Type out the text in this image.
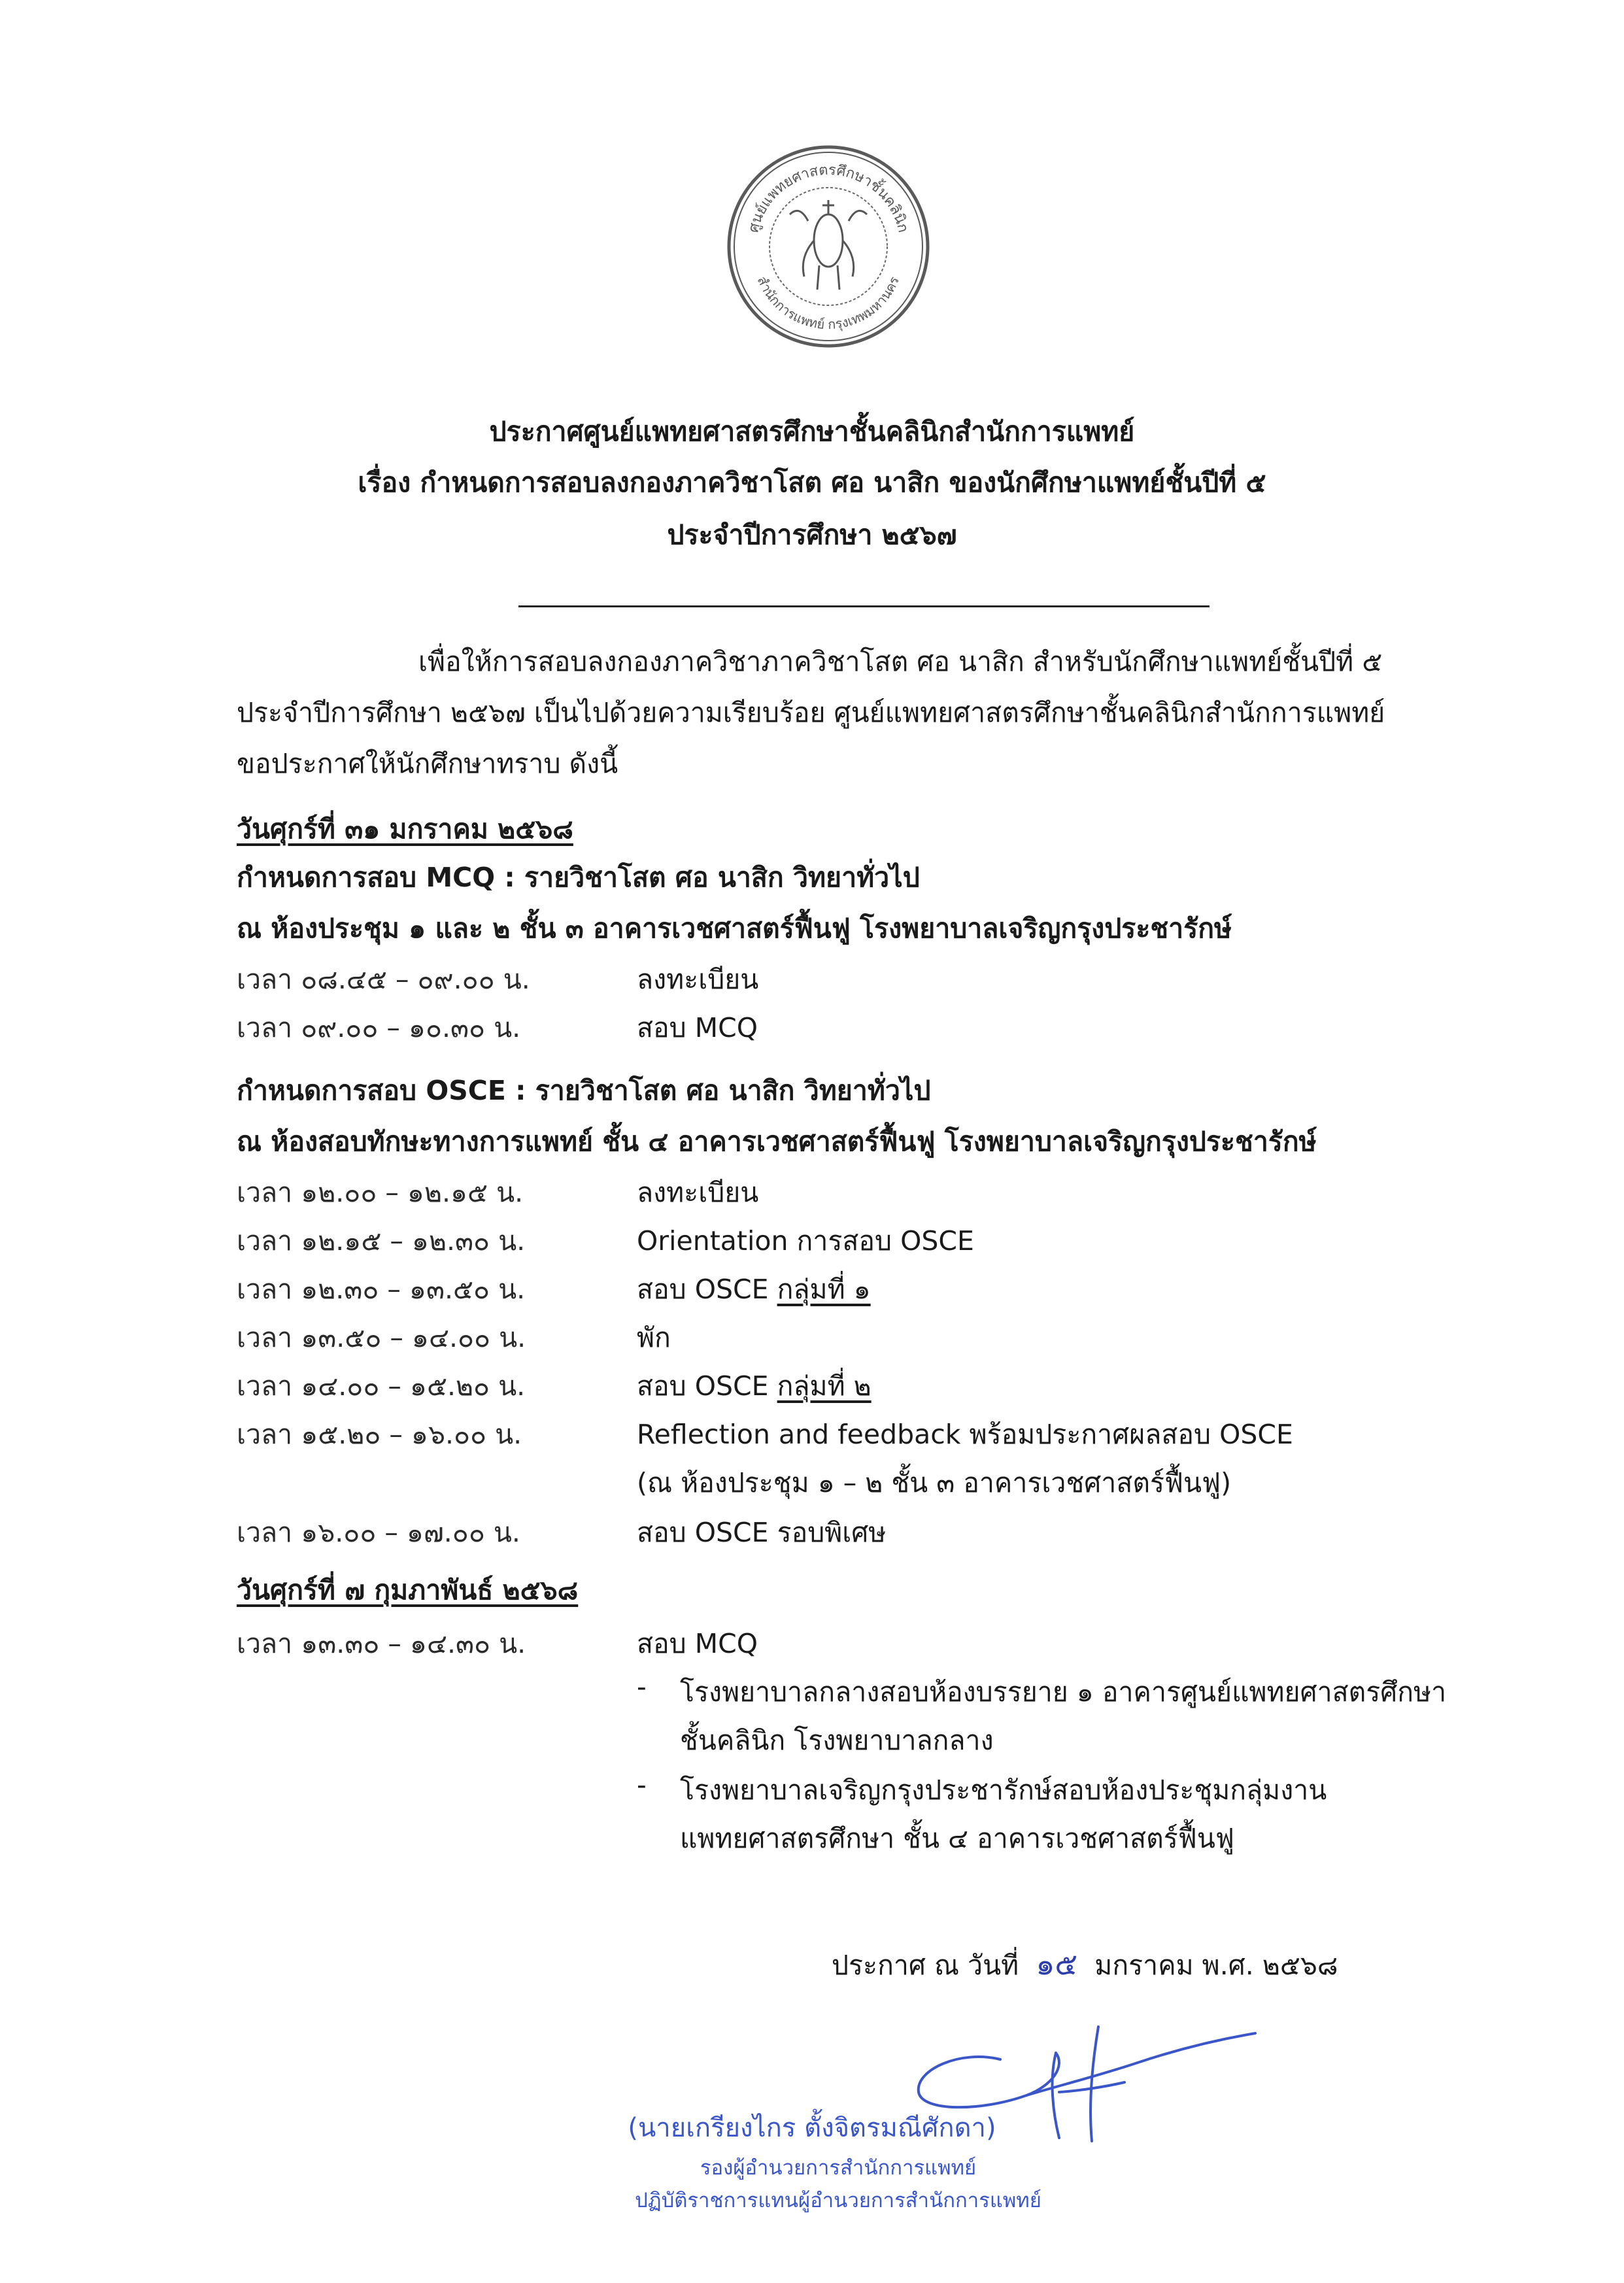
ศูนย์แพทยศาสตรศึกษาชั้นคลินิก
สำนักการแพทย์ กรุงเทพมหานคร
ประกาศศูนย์แพทยศาสตรศึกษาชั้นคลินิกสำนักการแพทย์
เรื่อง กำหนดการสอบลงกองภาควิชาโสต ศอ นาสิก ของนักศึกษาแพทย์ชั้นปีที่ ๕
ประจำปีการศึกษา ๒๕๖๗
เพื่อให้การสอบลงกองภาควิชาภาควิชาโสต ศอ นาสิก สำหรับนักศึกษาแพทย์ชั้นปีที่ ๕
ประจำปีการศึกษา ๒๕๖๗ เป็นไปด้วยความเรียบร้อย ศูนย์แพทยศาสตรศึกษาชั้นคลินิกสำนักการแพทย์
ขอประกาศให้นักศึกษาทราบ ดังนี้
วันศุกร์ที่ ๓๑ มกราคม ๒๕๖๘
กำหนดการสอบ MCQ : รายวิชาโสต ศอ นาสิก วิทยาทั่วไป
ณ ห้องประชุม ๑ และ ๒ ชั้น ๓ อาคารเวชศาสตร์ฟื้นฟู โรงพยาบาลเจริญกรุงประชารักษ์
เวลา ๐๘.๔๕ – ๐๙.๐๐ น.	ลงทะเบียน
เวลา ๐๙.๐๐ – ๑๐.๓๐ น.	สอบ MCQ
กำหนดการสอบ OSCE : รายวิชาโสต ศอ นาสิก วิทยาทั่วไป
ณ ห้องสอบทักษะทางการแพทย์ ชั้น ๔ อาคารเวชศาสตร์ฟื้นฟู โรงพยาบาลเจริญกรุงประชารักษ์
เวลา ๑๒.๐๐ – ๑๒.๑๕ น.	ลงทะเบียน
เวลา ๑๒.๑๕ – ๑๒.๓๐ น.	Orientation การสอบ OSCE
เวลา ๑๒.๓๐ – ๑๓.๕๐ น.	สอบ OSCE กลุ่มที่ ๑
เวลา ๑๓.๕๐ – ๑๔.๐๐ น.	พัก
เวลา ๑๔.๐๐ – ๑๕.๒๐ น.	สอบ OSCE กลุ่มที่ ๒
เวลา ๑๕.๒๐ – ๑๖.๐๐ น.	Reflection and feedback พร้อมประกาศผลสอบ OSCE
(ณ ห้องประชุม ๑ – ๒ ชั้น ๓ อาคารเวชศาสตร์ฟื้นฟู)
เวลา ๑๖.๐๐ – ๑๗.๐๐ น.	สอบ OSCE รอบพิเศษ
วันศุกร์ที่ ๗ กุมภาพันธ์ ๒๕๖๘
เวลา ๑๓.๓๐ – ๑๔.๓๐ น.	สอบ MCQ
- โรงพยาบาลกลางสอบห้องบรรยาย ๑ อาคารศูนย์แพทยศาสตรศึกษา
ชั้นคลินิก โรงพยาบาลกลาง
- โรงพยาบาลเจริญกรุงประชารักษ์สอบห้องประชุมกลุ่มงาน
แพทยศาสตรศึกษา ชั้น ๔ อาคารเวชศาสตร์ฟื้นฟู
ประกาศ ณ วันที่ ๑๕ มกราคม พ.ศ. ๒๕๖๘
(นายเกรียงไกร ตั้งจิตรมณีศักดา)
รองผู้อำนวยการสำนักการแพทย์
ปฏิบัติราชการแทนผู้อำนวยการสำนักการแพทย์
